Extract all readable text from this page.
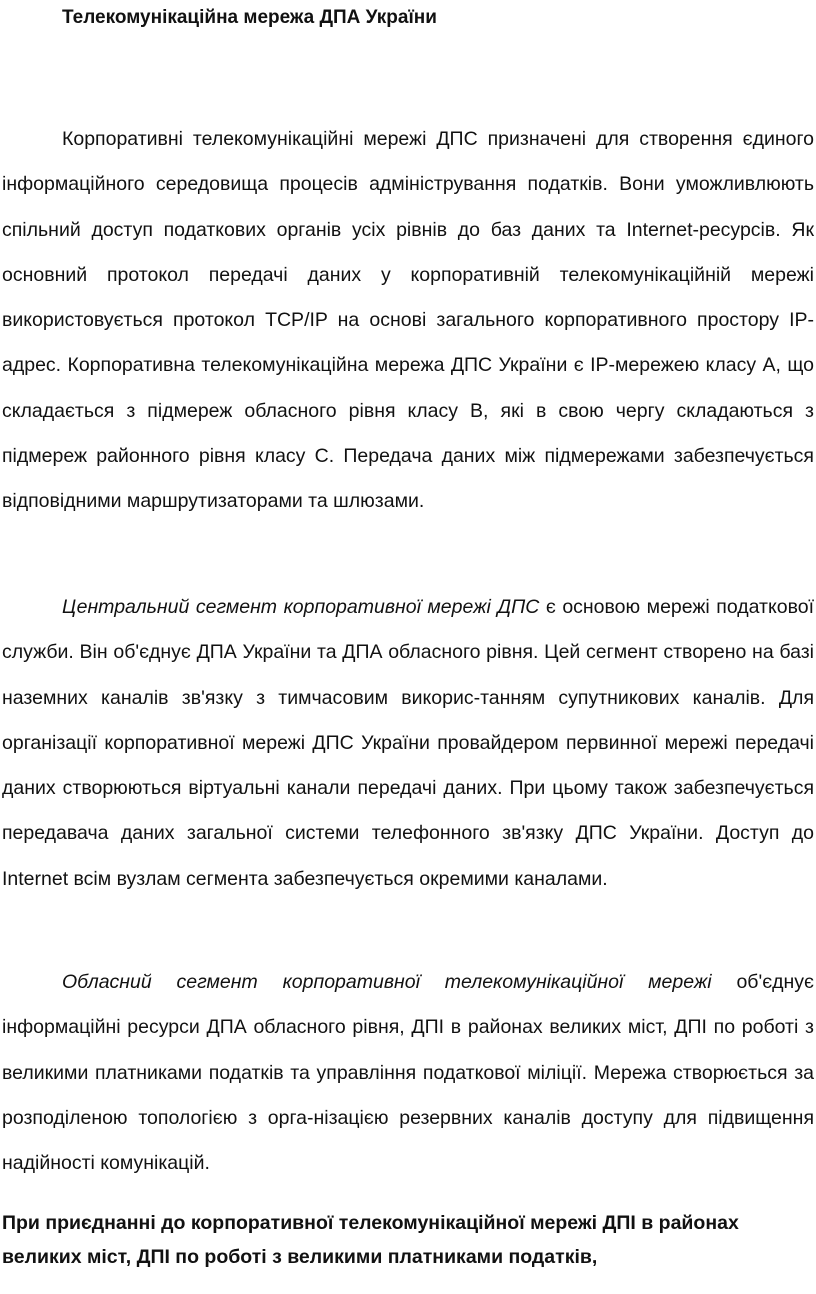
Телекомунікаційна мережа ДПА України

Корпоративні телекомунікаційні мережі ДПС призначені для створення єдиного інформаційного середовища процесів адміністрування податків. Вони уможливлюють спільний доступ податкових органів усіх рівнів до баз даних та Internet-ресурсів. Як основний протокол передачі даних у корпоративній телекомунікаційній мережі використовується протокол TCP/IP на основі загального корпоративного простору IP-адрес. Корпоративна телекомунікаційна мережа ДПС України є IP-мережею класу А, що складається з підмереж обласного рівня класу B, які в свою чергу складаються з підмереж районного рівня класу C. Передача даних між підмережами забезпечується відповідними маршрутизаторами та шлюзами.

Центральний сегмент корпоративної мережі ДПС є основою мережі податкової служби. Він об'єднує ДПА України та ДПА обласного рівня. Цей сегмент створено на базі наземних каналів зв'язку з тимчасовим викорис-танням супутникових каналів. Для організації корпоративної мережі ДПС України провайдером первинної мережі передачі даних створюються віртуальні канали передачі даних. При цьому також забезпечується передавача даних загальної системи телефонного зв'язку ДПС України. Доступ до Internet всім вузлам сегмента забезпечується окремими каналами.

Обласний сегмент корпоративної телекомунікаційної мережі об'єднує інформаційні ресурси ДПА обласного рівня, ДПІ в районах великих міст, ДПІ по роботі з великими платниками податків та управління податкової міліції. Мережа створюється за розподіленою топологією з орга-нізацією резервних каналів доступу для підвищення надійності комунікацій.

При приєднанні до корпоративної телекомунікаційної мережі ДПІ в районах великих міст, ДПІ по роботі з великими платниками податків,
